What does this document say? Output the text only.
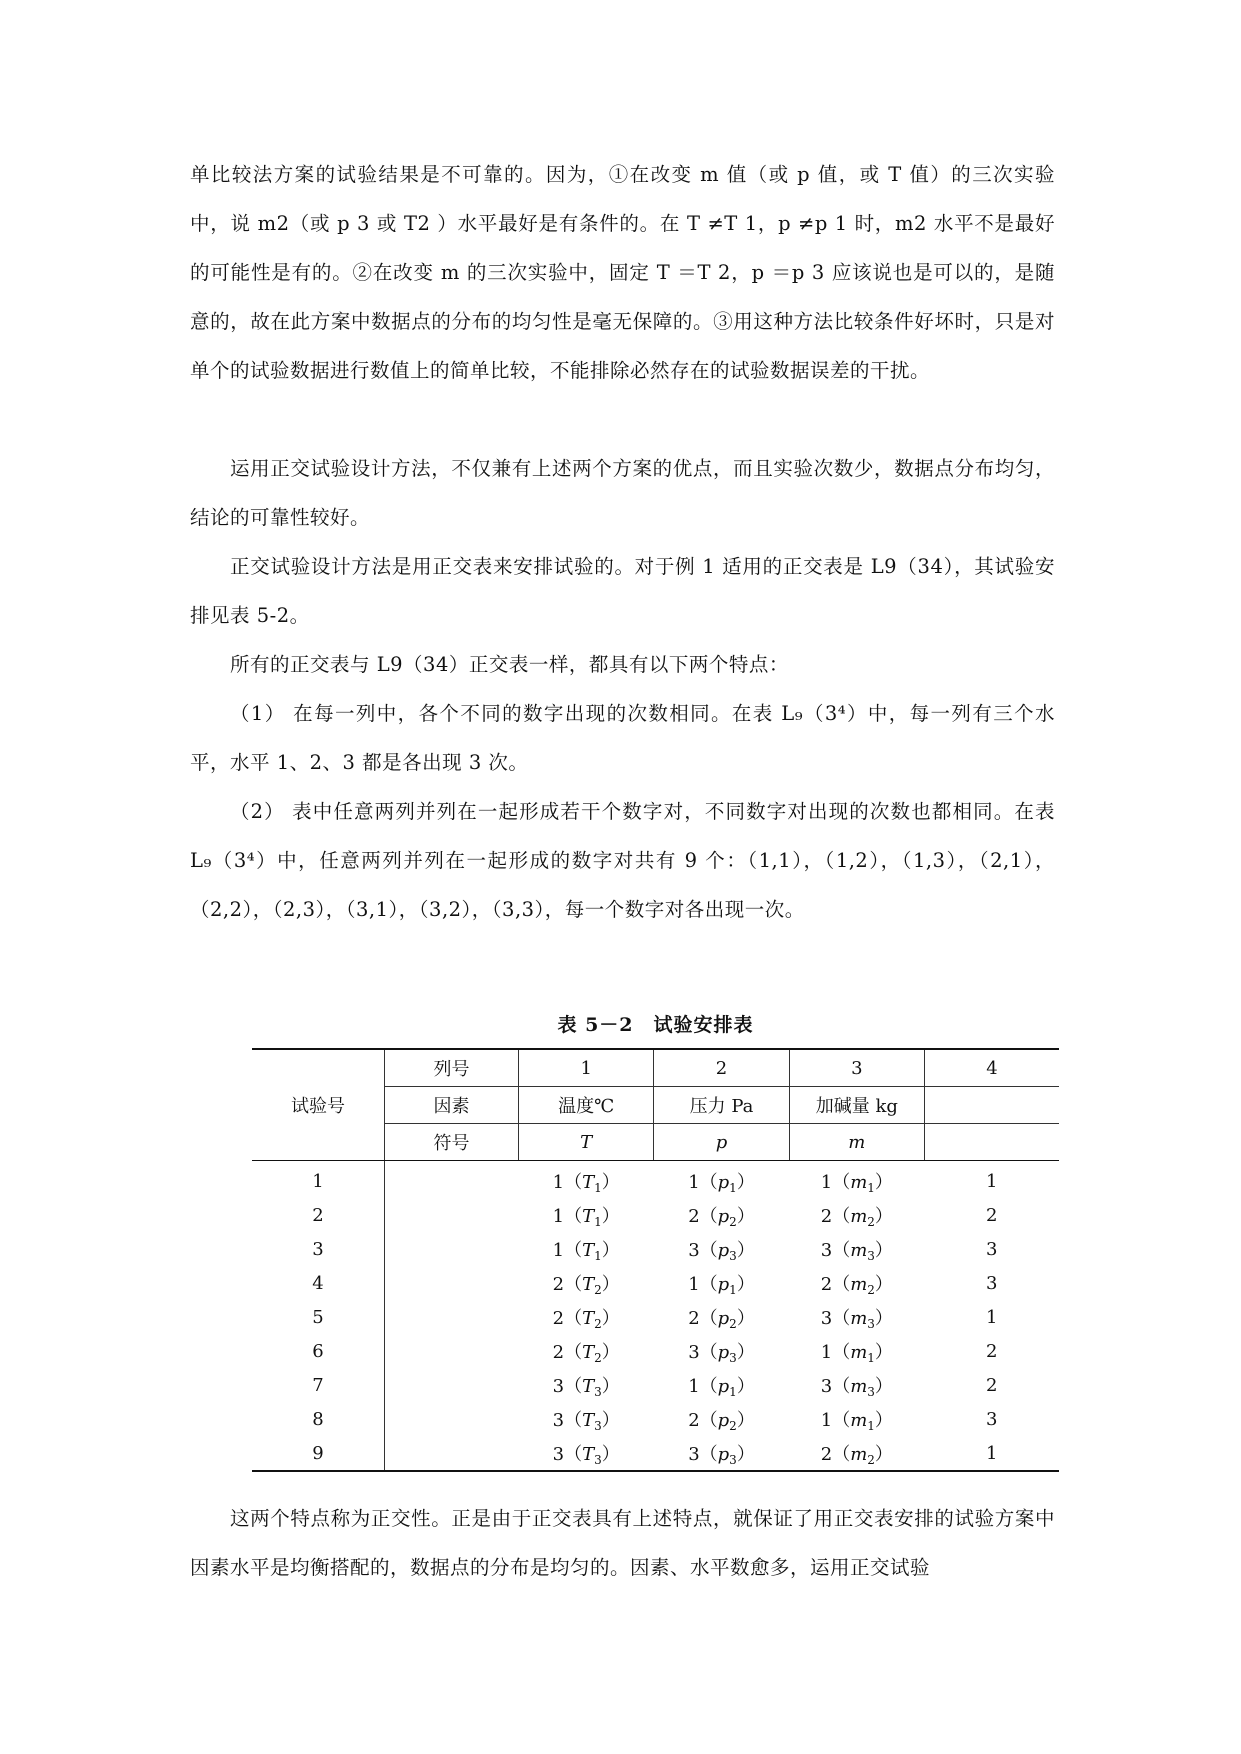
单比较法方案的试验结果是不可靠的。因为，①在改变 m 值（或 p 值，或 T 值）的三次实验中，说 m2（或 p 3 或 T2 ）水平最好是有条件的。在 T ≠T 1，p ≠p 1 时，m2 水平不是最好的可能性是有的。②在改变 m 的三次实验中，固定 T ＝T 2，p ＝p 3 应该说也是可以的，是随意的，故在此方案中数据点的分布的均匀性是毫无保障的。③用这种方法比较条件好坏时，只是对单个的试验数据进行数值上的简单比较，不能排除必然存在的试验数据误差的干扰。

运用正交试验设计方法，不仅兼有上述两个方案的优点，而且实验次数少，数据点分布均匀，结论的可靠性较好。

正交试验设计方法是用正交表来安排试验的。对于例 1 适用的正交表是 L9（34），其试验安排见表 5-2。

所有的正交表与 L9（34）正交表一样，都具有以下两个特点：

（1） 在每一列中，各个不同的数字出现的次数相同。在表 L₉（3⁴）中，每一列有三个水平，水平 1、2、3 都是各出现 3 次。

（2） 表中任意两列并列在一起形成若干个数字对，不同数字对出现的次数也都相同。在表 L₉（3⁴）中，任意两列并列在一起形成的数字对共有 9 个：（1,1），（1,2），（1,3），（2,1），（2,2），（2,3），（3,1），（3,2），（3,3），每一个数字对各出现一次。

表 5－2　试验安排表

试验号	列号	1	2	3	4
	因素	温度℃	压力 Pa	加碱量 kg	
	符号	T	p	m	
1		$1(T_1)$	$1(p_1)$	$1(m_1)$	1
2		$1(T_1)$	$2(p_2)$	$2(m_2)$	2
3		$1(T_1)$	$3(p_3)$	$3(m_3)$	3
4		$2(T_2)$	$1(p_1)$	$2(m_2)$	3
5		$2(T_2)$	$2(p_2)$	$3(m_3)$	1
6		$2(T_2)$	$3(p_3)$	$1(m_1)$	2
7		$3(T_3)$	$1(p_1)$	$3(m_3)$	2
8		$3(T_3)$	$2(p_2)$	$1(m_1)$	3
9		$3(T_3)$	$3(p_3)$	$2(m_2)$	1

这两个特点称为正交性。正是由于正交表具有上述特点，就保证了用正交表安排的试验方案中因素水平是均衡搭配的，数据点的分布是均匀的。因素、水平数愈多，运用正交试验
